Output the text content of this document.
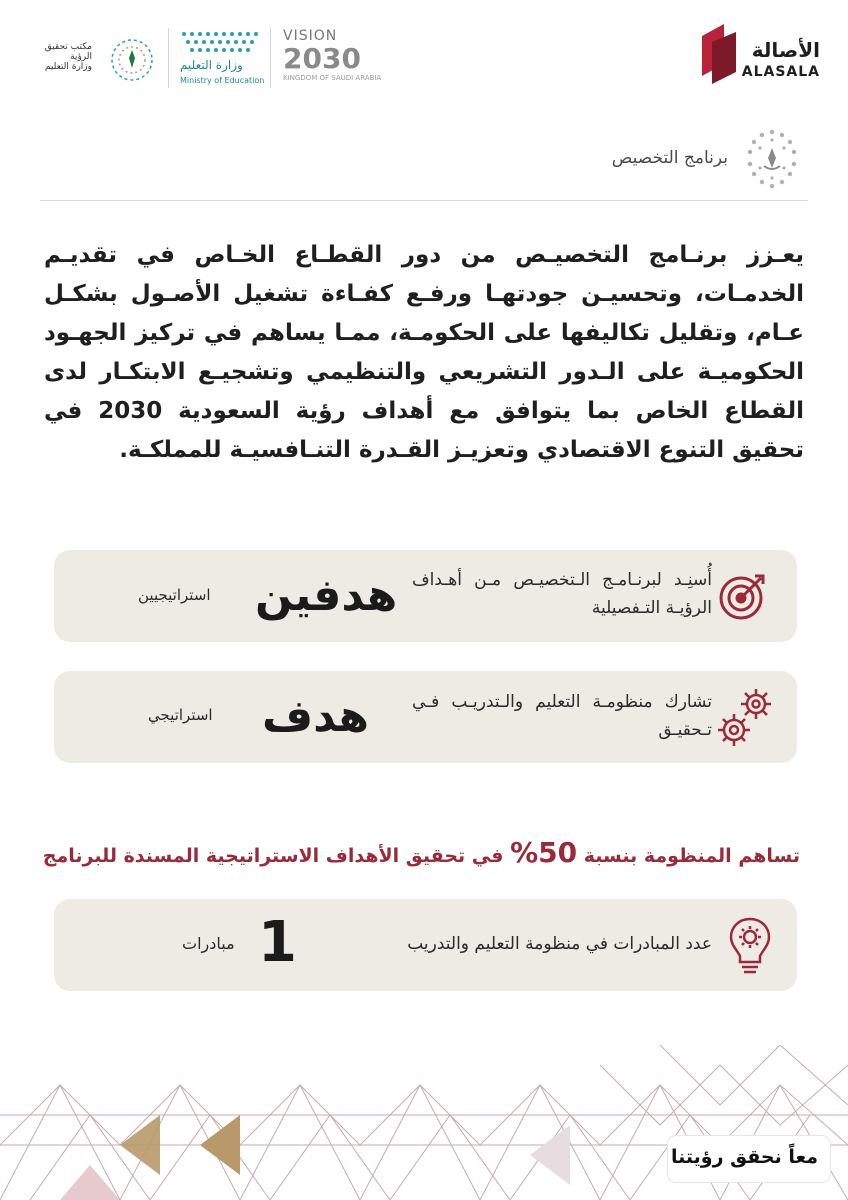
الأصالة
ALASALA
VISION
2030
KINGDOM OF SAUDI ARABIA
وزارة التعليم
Ministry of Education
مكتب تحقيق الرؤية
وزارة التعليم
برنامج التخصيص
يعـزز برنـامج التخصيـص من دور القطـاع الخـاص في تقديـم الخدمـات، وتحسيـن جودتهـا ورفـع كفـاءة تشغيل الأصـول بشكـل عـام، وتقليل تكاليفها على الحكومـة، ممـا يساهم في تركيز الجهـود الحكوميـة على الـدور التشريعي والتنظيمي وتشجيـع الابتكـار لدى القطاع الخاص بما يتوافق مع أهداف رؤية السعودية 2030 في تحقيق التنوع الاقتصادي وتعزيـز القـدرة التنـافسيـة للمملكـة.
أُسنِـد لبرنـامـج الـتخصيـص مـن أهـداف الرؤيـة التـفصيلية
هدفين
استراتيجيين
تشارك منظومـة التعليم والـتدريـب فـي تـحقيـق
هدف
استراتيجي
تساهم المنظومة بنسبة 50% في تحقيق الأهداف الاستراتيجية المسندة للبرنامج
عدد المبادرات في منظومة التعليم والتدريب
1
مبادرات
معاً نحقق رؤيتنا
